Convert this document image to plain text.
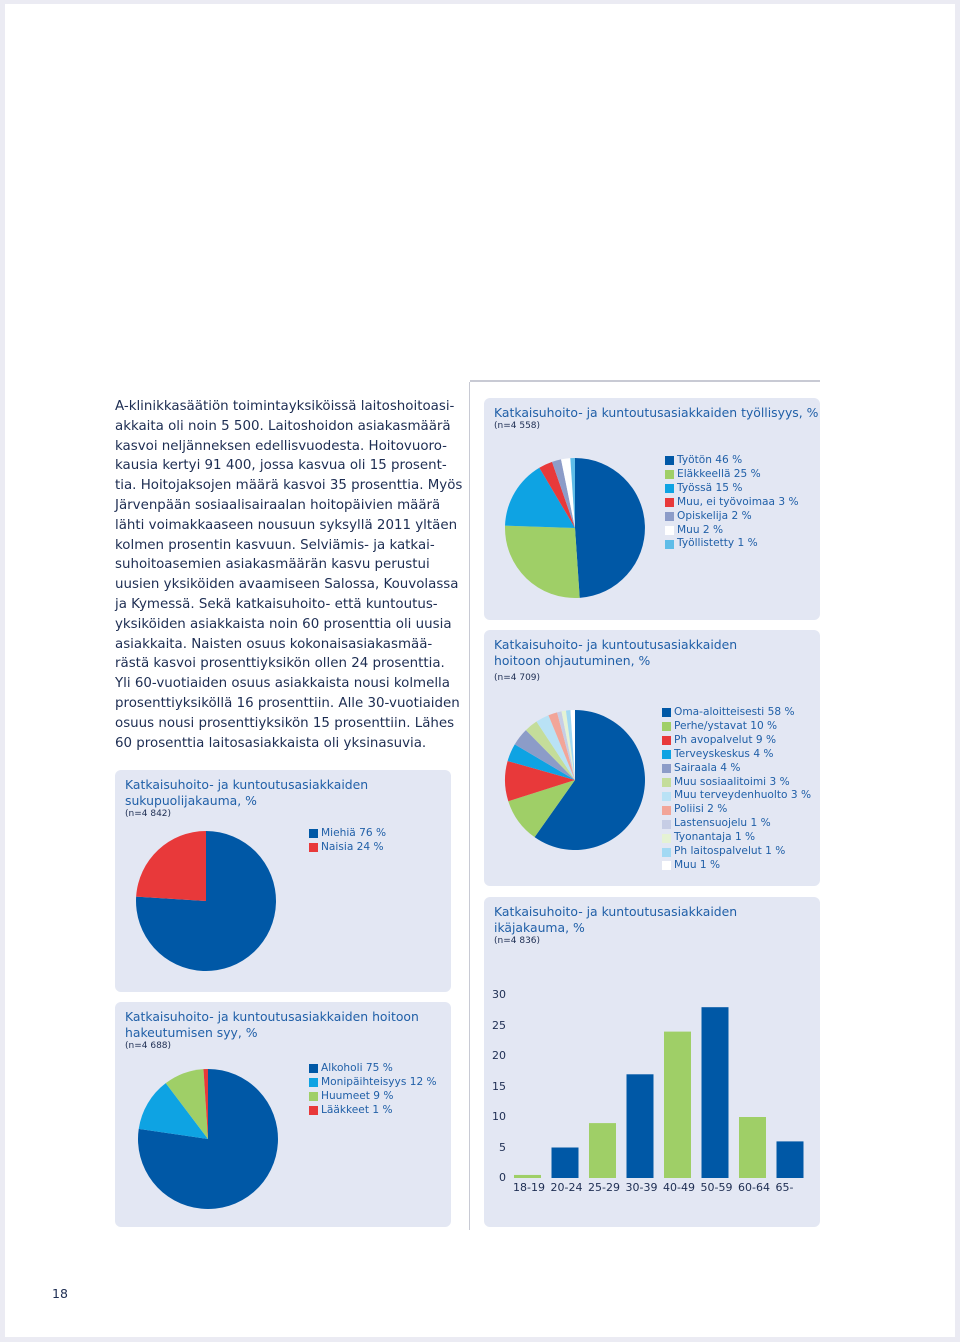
A-klinikkasäätiön toimintayksiköissä laitoshoitoasi-
akkaita oli noin 5 500. Laitoshoidon asiakasmäärä
kasvoi neljänneksen edellisvuodesta. Hoitovuoro-
kausia kertyi 91 400, jossa kasvua oli 15 prosent-
tia. Hoitojaksojen määrä kasvoi 35 prosenttia. Myös
Järvenpään sosiaalisairaalan hoitopäivien määrä
lähti voimakkaaseen nousuun syksyllä 2011 yltäen
kolmen prosentin kasvuun. Selviämis- ja katkai-
suhoitoasemien asiakasmäärän kasvu perustui
uusien yksiköiden avaamiseen Salossa, Kouvolassa
ja Kymessä. Sekä katkaisuhoito- että kuntoutus-
yksiköiden asiakkaista noin 60 prosenttia oli uusia
asiakkaita. Naisten osuus kokonaisasiakasmää-
rästä kasvoi prosenttiyksikön ollen 24 prosenttia.
Yli 60-vuotiaiden osuus asiakkaista nousi kolmella
prosenttiyksiköllä 16 prosenttiin. Alle 30-vuotiaiden
osuus nousi prosenttiyksikön 15 prosenttiin. Lähes
60 prosenttia laitosasiakkaista oli yksinasuvia.
Katkaisuhoito- ja kuntoutusasiakkaiden
sukupuolijakauma, %
(n=4 842)
Miehiä 76 %
Naisia 24 %
Katkaisuhoito- ja kuntoutusasiakkaiden hoitoon
hakeutumisen syy, %
(n=4 688)
Alkoholi 75 %
Monipäihteisyys 12 %
Huumeet 9 %
Lääkkeet 1 %
Katkaisuhoito- ja kuntoutusasiakkaiden työllisyys, %
(n=4 558)
Työtön 46 %
Eläkkeellä 25 %
Työssä 15 %
Muu, ei työvoimaa 3 %
Opiskelija 2 %
Muu 2 %
Työllistetty 1 %
Katkaisuhoito- ja kuntoutusasiakkaiden
hoitoon ohjautuminen, %
(n=4 709)
Oma-aloitteisesti 58 %
Perhe/ystavat 10 %
Ph avopalvelut 9 %
Terveyskeskus 4 %
Sairaala 4 %
Muu sosiaalitoimi 3 %
Muu terveydenhuolto 3 %
Poliisi 2 %
Lastensuojelu 1 %
Tyonantaja 1 %
Ph laitospalvelut 1 %
Muu 1 %
Katkaisuhoito- ja kuntoutusasiakkaiden
ikäjakauma, %
(n=4 836)
0
5
10
15
20
25
30
18-19 20-24 25-29 30-39 40-49 50-59 60-64 65-
18
